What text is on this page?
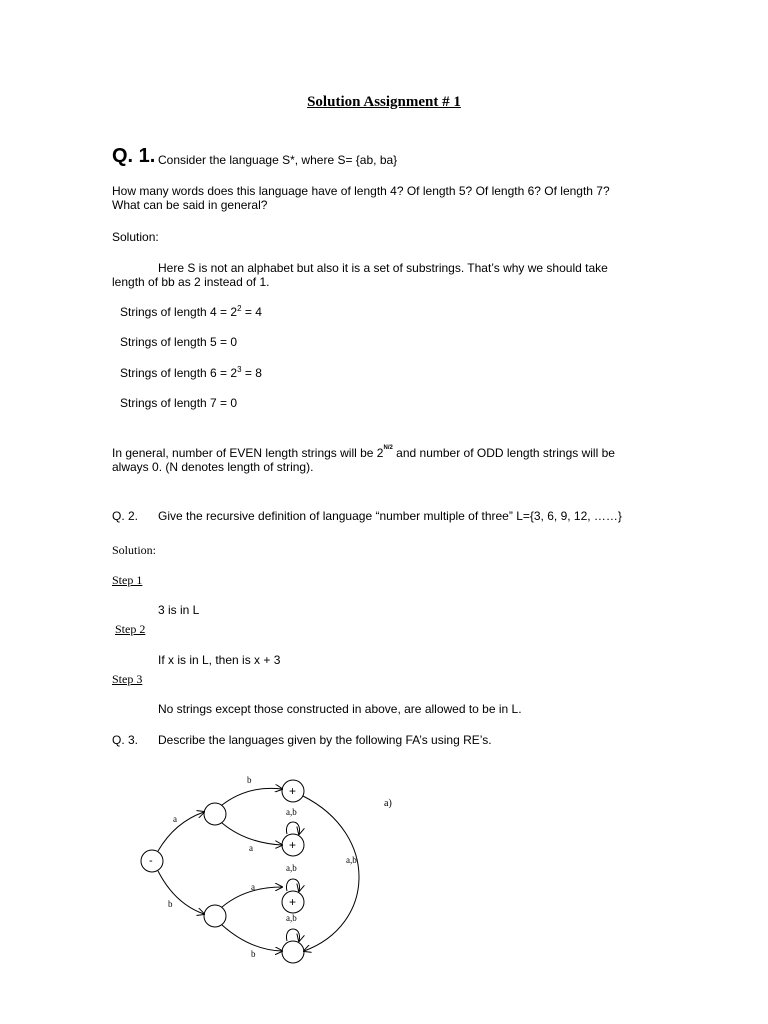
Solution Assignment # 1
Q. 1. Consider the language S*, where S= {ab, ba}
How many words does this language have of length 4? Of length 5? Of length 6? Of length 7?
What can be said in general?
Solution:
Here S is not an alphabet but also it is a set of substrings. That’s why we should take
length of bb as 2 instead of 1.
Strings of length $4 = 2^2 = 4$
Strings of length 5 = 0
Strings of length $6 = 2^3 = 8$
Strings of length 7 = 0
In general, number of EVEN length strings will be $2^{N/2}$ and number of ODD length strings will be
always 0. (N denotes length of string).
Q. 2. Give the recursive definition of language “number multiple of three” L={3, 6, 9, 12, ……}
Solution:
Step 1
3 is in L
Step 2
If x is in L, then is x + 3
Step 3
No strings except those constructed in above, are allowed to be in L.
Q. 3. Describe the languages given by the following FA’s using RE’s.
-
+
+
+
a
b
b
a
a
b
a,b
a,b
a,b
a,b
a)
